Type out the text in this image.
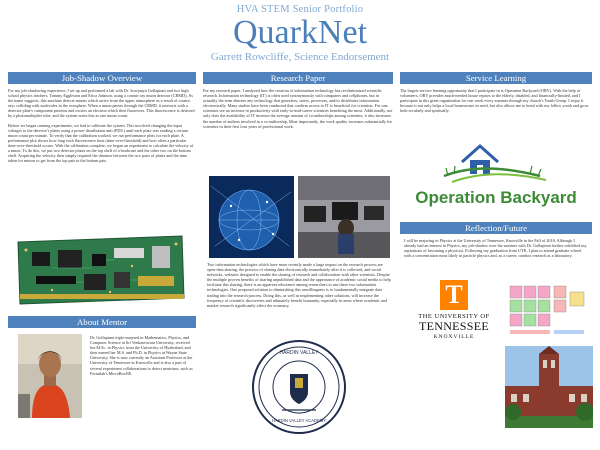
HVA STEM Senior Portfolio
QuarkNet
Garrett Rowcliffe, Science Endorsement
Job-Shadow Overview
For my job-shadowing experience, I set up and performed a lab with Dr. Sowjanya Gollapinni and two high school physics teachers, Tommy Eggleston and Erica Johnson, using a cosmic ray muon detector (CRMD). As the name suggests, this machine detects muons which arrive from the upper atmosphere as a result of cosmic rays colliding with molecules in the exosphere. When a muon passes through the CRMD, it interacts with a detector plate's component proteins and excites an electron which then fluoresces. This fluorescence is detected by a photomultiplier tube, and the system notes this as one muon count.
Before we began running experiments, we had to calibrate the system. This involved changing the input voltages to the detector's plates using a power distribution unit (PDU) until each plate was reading a certain muon count per minute. To verify that the calibration worked, we ran performance plots for each plate. A performance plot shows how long each fluorescence lasts (time-over-threshold) and how often a particular time-over-threshold occurs. With the calibration complete, we began an experiment to calculate the velocity of a muon. To do this, we put two detector plates on the top shelf of a bookcase and the other two on the bottom shelf. Acquiring the velocity then simply required the distance between the two pairs of plates and the time taken for muons to get from the top pair to the bottom pair.
About Mentor
Dr. Gollapinni triple-majored in Mathematics, Physics, and Computer Science at Sri Venkateswara University, received her M.Sc. in Physics from the University of Hyderabad, and then earned her M.S. and Ph.D. in Physics at Wayne State University. She is now currently an Assistant Professor at the University of Tennessee in Knoxville and is also a part of several experiment collaborations to detect neutrinos, such as Fermilab's MicroBooNE.
Research Paper
For my research paper, I analyzed how the creation of information technology has revolutionized scientific research. Information technology (IT) is often used synonymously with computers and cellphones, but in actuality the term denotes any technology that generates, stores, processes, and/or distributes information electronically. Many studies have been conducted that confirm access to IT is beneficial for scientists. For one, scientists see an increase in productivity with early-to-mid-career scientists benefiting the most. Additionally, not only does the availability of IT increase the average amount of co-authorships among scientists, it also increases the number of authors involved in a co-authorship. Most importantly, the work quality increases substantially for scientists in their first four years of professional work.
Two information technologies which have more recently made a large impact on the research process are open-data sharing, the practice of sharing data electronically immediately after it is collected, and social networks, websites designed to enable the sharing of research and collaboration with other scientists. Despite the multiple proven benefits of sharing unpublished data and the appearance of academic social media to help facilitate this sharing, there is an apparent reluctance among researchers to use these two information technologies. One proposed solution to diminishing this unwillingness is to fundamentally integrate data trading into the research process. Doing this, as well as implementing other solutions, will increase the frequency of scientific discoveries and ultimately benefit humanity, especially in areas where academic and market research significantly affect the economy.
HARDIN VALLEY
HARDIN VALLEY ACADEMY
Service Learning
The largest service learning opportunity that I participate in is Operation Backyard (OBY). With the help of volunteers, OBY provides much-needed house repairs to the elderly, disabled, and financially-limited, and I participate in this great organization for one week every summer through my church's Youth Group. I enjoy it because it not only helps a local homeowner in need, but also allows me to bond with my fellow youth and grow both secularly and spiritually.
Operation Backyard
Reflection/Future
I will be majoring in Physics at the University of Tennessee, Knoxville in the Fall of 2018. Although I already had an interest in Physics, my job-shadow over the summer with Dr. Gollapinni further solidified my aspirations of becoming a physicist. Following my graduation from UTK, I plan to attend graduate school with a concentration most likely in particle physics and, as a career, conduct research at a laboratory.
T
THE UNIVERSITY OF
TENNESSEE
KNOXVILLE
